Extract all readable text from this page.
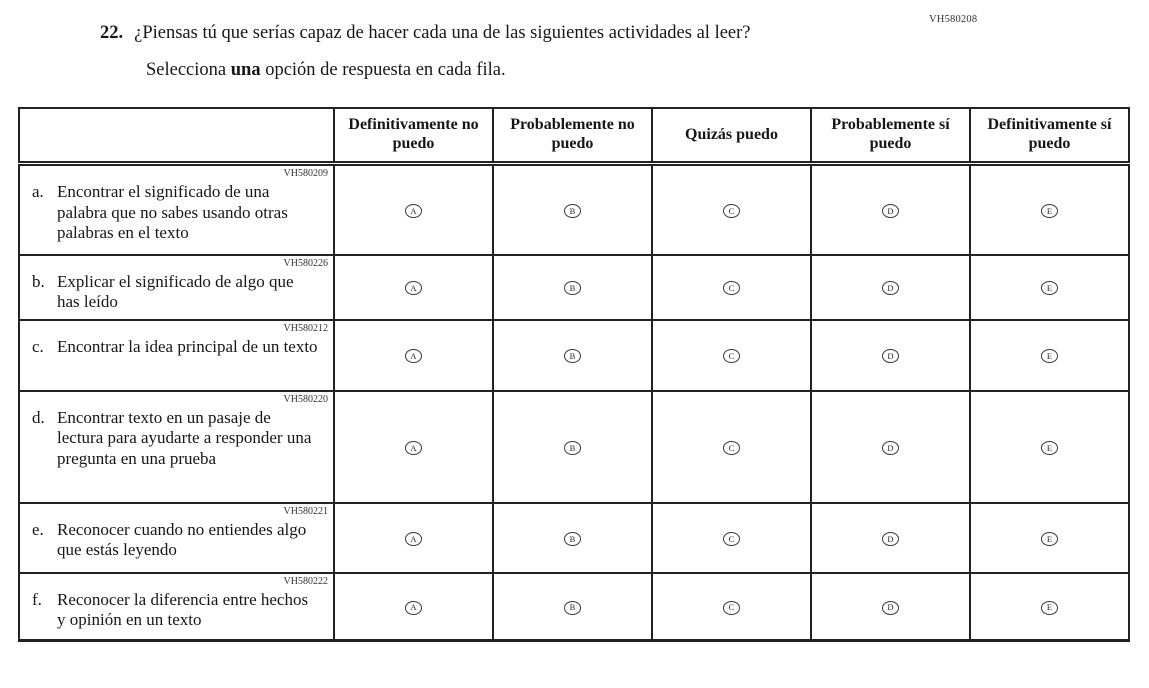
VH580208
22. ¿Piensas tú que serías capaz de hacer cada una de las siguientes actividades al leer?
Selecciona una opción de respuesta en cada fila.
	Definitivamente no puedo	Probablemente no puedo	Quizás puedo	Probablemente sí puedo	Definitivamente sí puedo

VH580209
a. Encontrar el significado de una palabra que no sabes usando otras palabras en el texto	A	B	C	D	E

VH580226
b. Explicar el significado de algo que has leído	A	B	C	D	E

VH580212
c. Encontrar la idea principal de un texto	A	B	C	D	E

VH580220
d. Encontrar texto en un pasaje de lectura para ayudarte a responder una pregunta en una prueba	A	B	C	D	E

VH580221
e. Reconocer cuando no entiendes algo que estás leyendo	A	B	C	D	E

VH580222
f. Reconocer la diferencia entre hechos y opinión en un texto	A	B	C	D	E
